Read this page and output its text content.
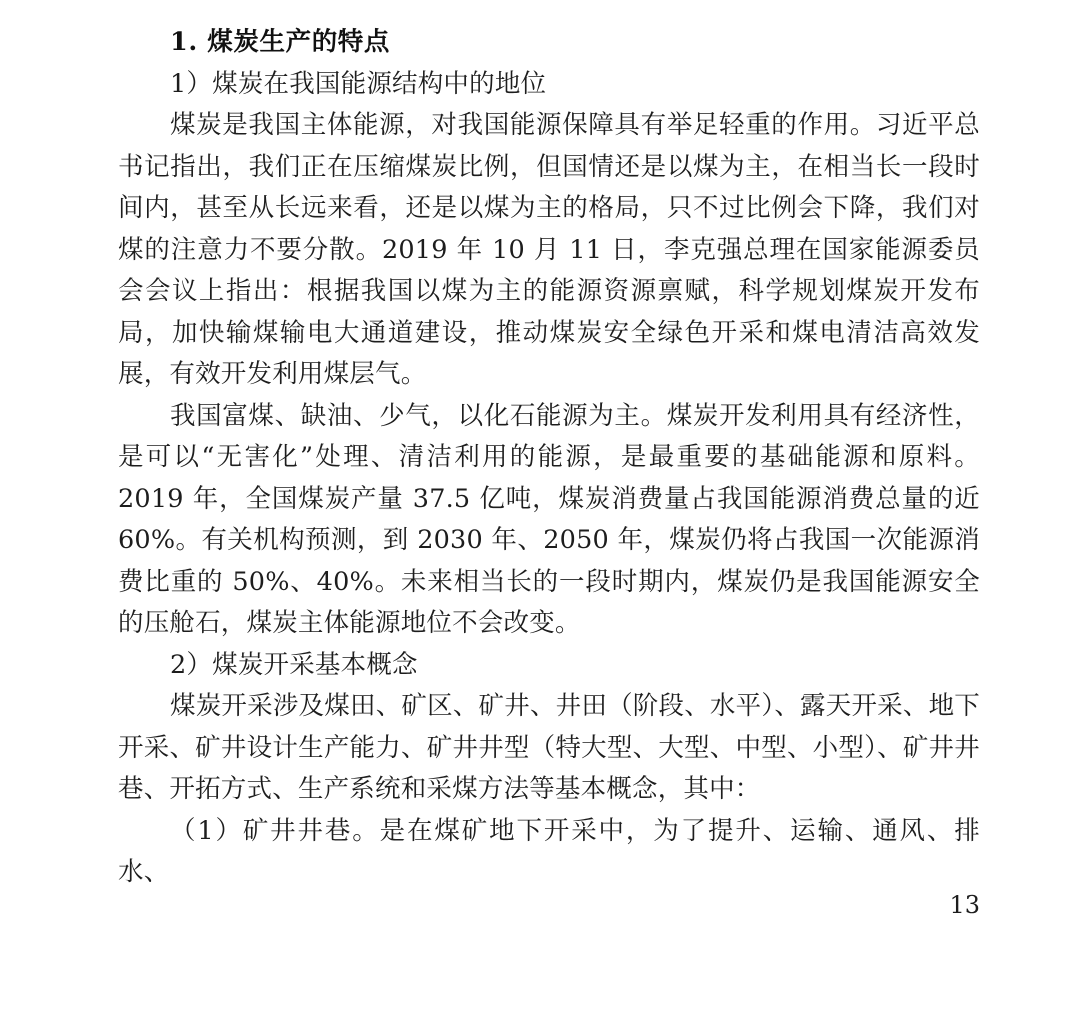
1. 煤炭生产的特点

1）煤炭在我国能源结构中的地位

煤炭是我国主体能源，对我国能源保障具有举足轻重的作用。习近平总书记指出，我们正在压缩煤炭比例，但国情还是以煤为主，在相当长一段时间内，甚至从长远来看，还是以煤为主的格局，只不过比例会下降，我们对煤的注意力不要分散。2019 年 10 月 11 日，李克强总理在国家能源委员会会议上指出：根据我国以煤为主的能源资源禀赋，科学规划煤炭开发布局，加快输煤输电大通道建设，推动煤炭安全绿色开采和煤电清洁高效发展，有效开发利用煤层气。

我国富煤、缺油、少气，以化石能源为主。煤炭开发利用具有经济性，是可以“无害化”处理、清洁利用的能源，是最重要的基础能源和原料。2019 年，全国煤炭产量 37.5 亿吨，煤炭消费量占我国能源消费总量的近 60%。有关机构预测，到 2030 年、2050 年，煤炭仍将占我国一次能源消费比重的 50%、40%。未来相当长的一段时期内，煤炭仍是我国能源安全的压舱石，煤炭主体能源地位不会改变。

2）煤炭开采基本概念

煤炭开采涉及煤田、矿区、矿井、井田（阶段、水平）、露天开采、地下开采、矿井设计生产能力、矿井井型（特大型、大型、中型、小型）、矿井井巷、开拓方式、生产系统和采煤方法等基本概念，其中：

（1）矿井井巷。是在煤矿地下开采中，为了提升、运输、通风、排水、

13
